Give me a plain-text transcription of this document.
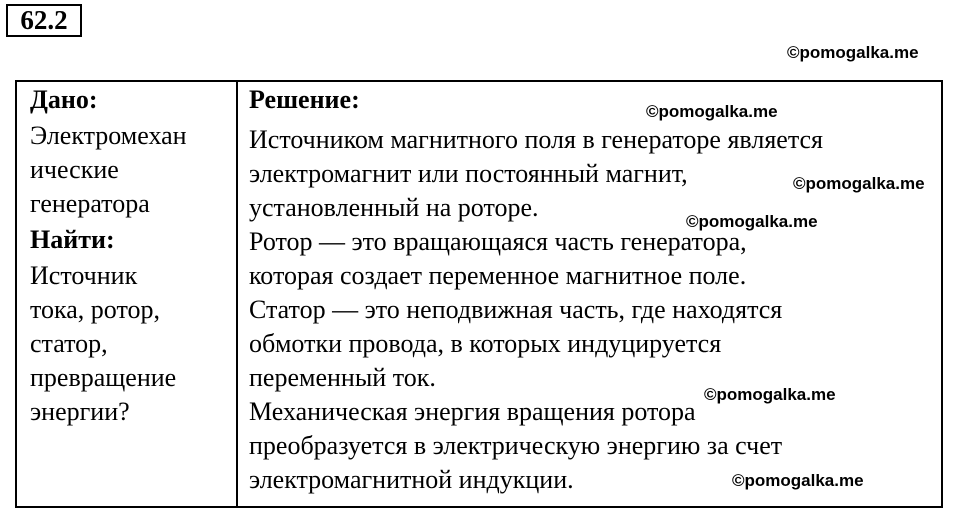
62.2
©pomogalka.me
©pomogalka.me
©pomogalka.me
©pomogalka.me
©pomogalka.me
©pomogalka.me
Дано:
Электромехан
ические
генератора
Найти:
Источник
тока, ротор,
статор,
превращение
энергии?
Решение:
Источником магнитного поля в генераторе является
электромагнит или постоянный магнит,
установленный на роторе.
Ротор — это вращающаяся часть генератора,
которая создает переменное магнитное поле.
Статор — это неподвижная часть, где находятся
обмотки провода, в которых индуцируется
переменный ток.
Механическая энергия вращения ротора
преобразуется в электрическую энергию за счет
электромагнитной индукции.
